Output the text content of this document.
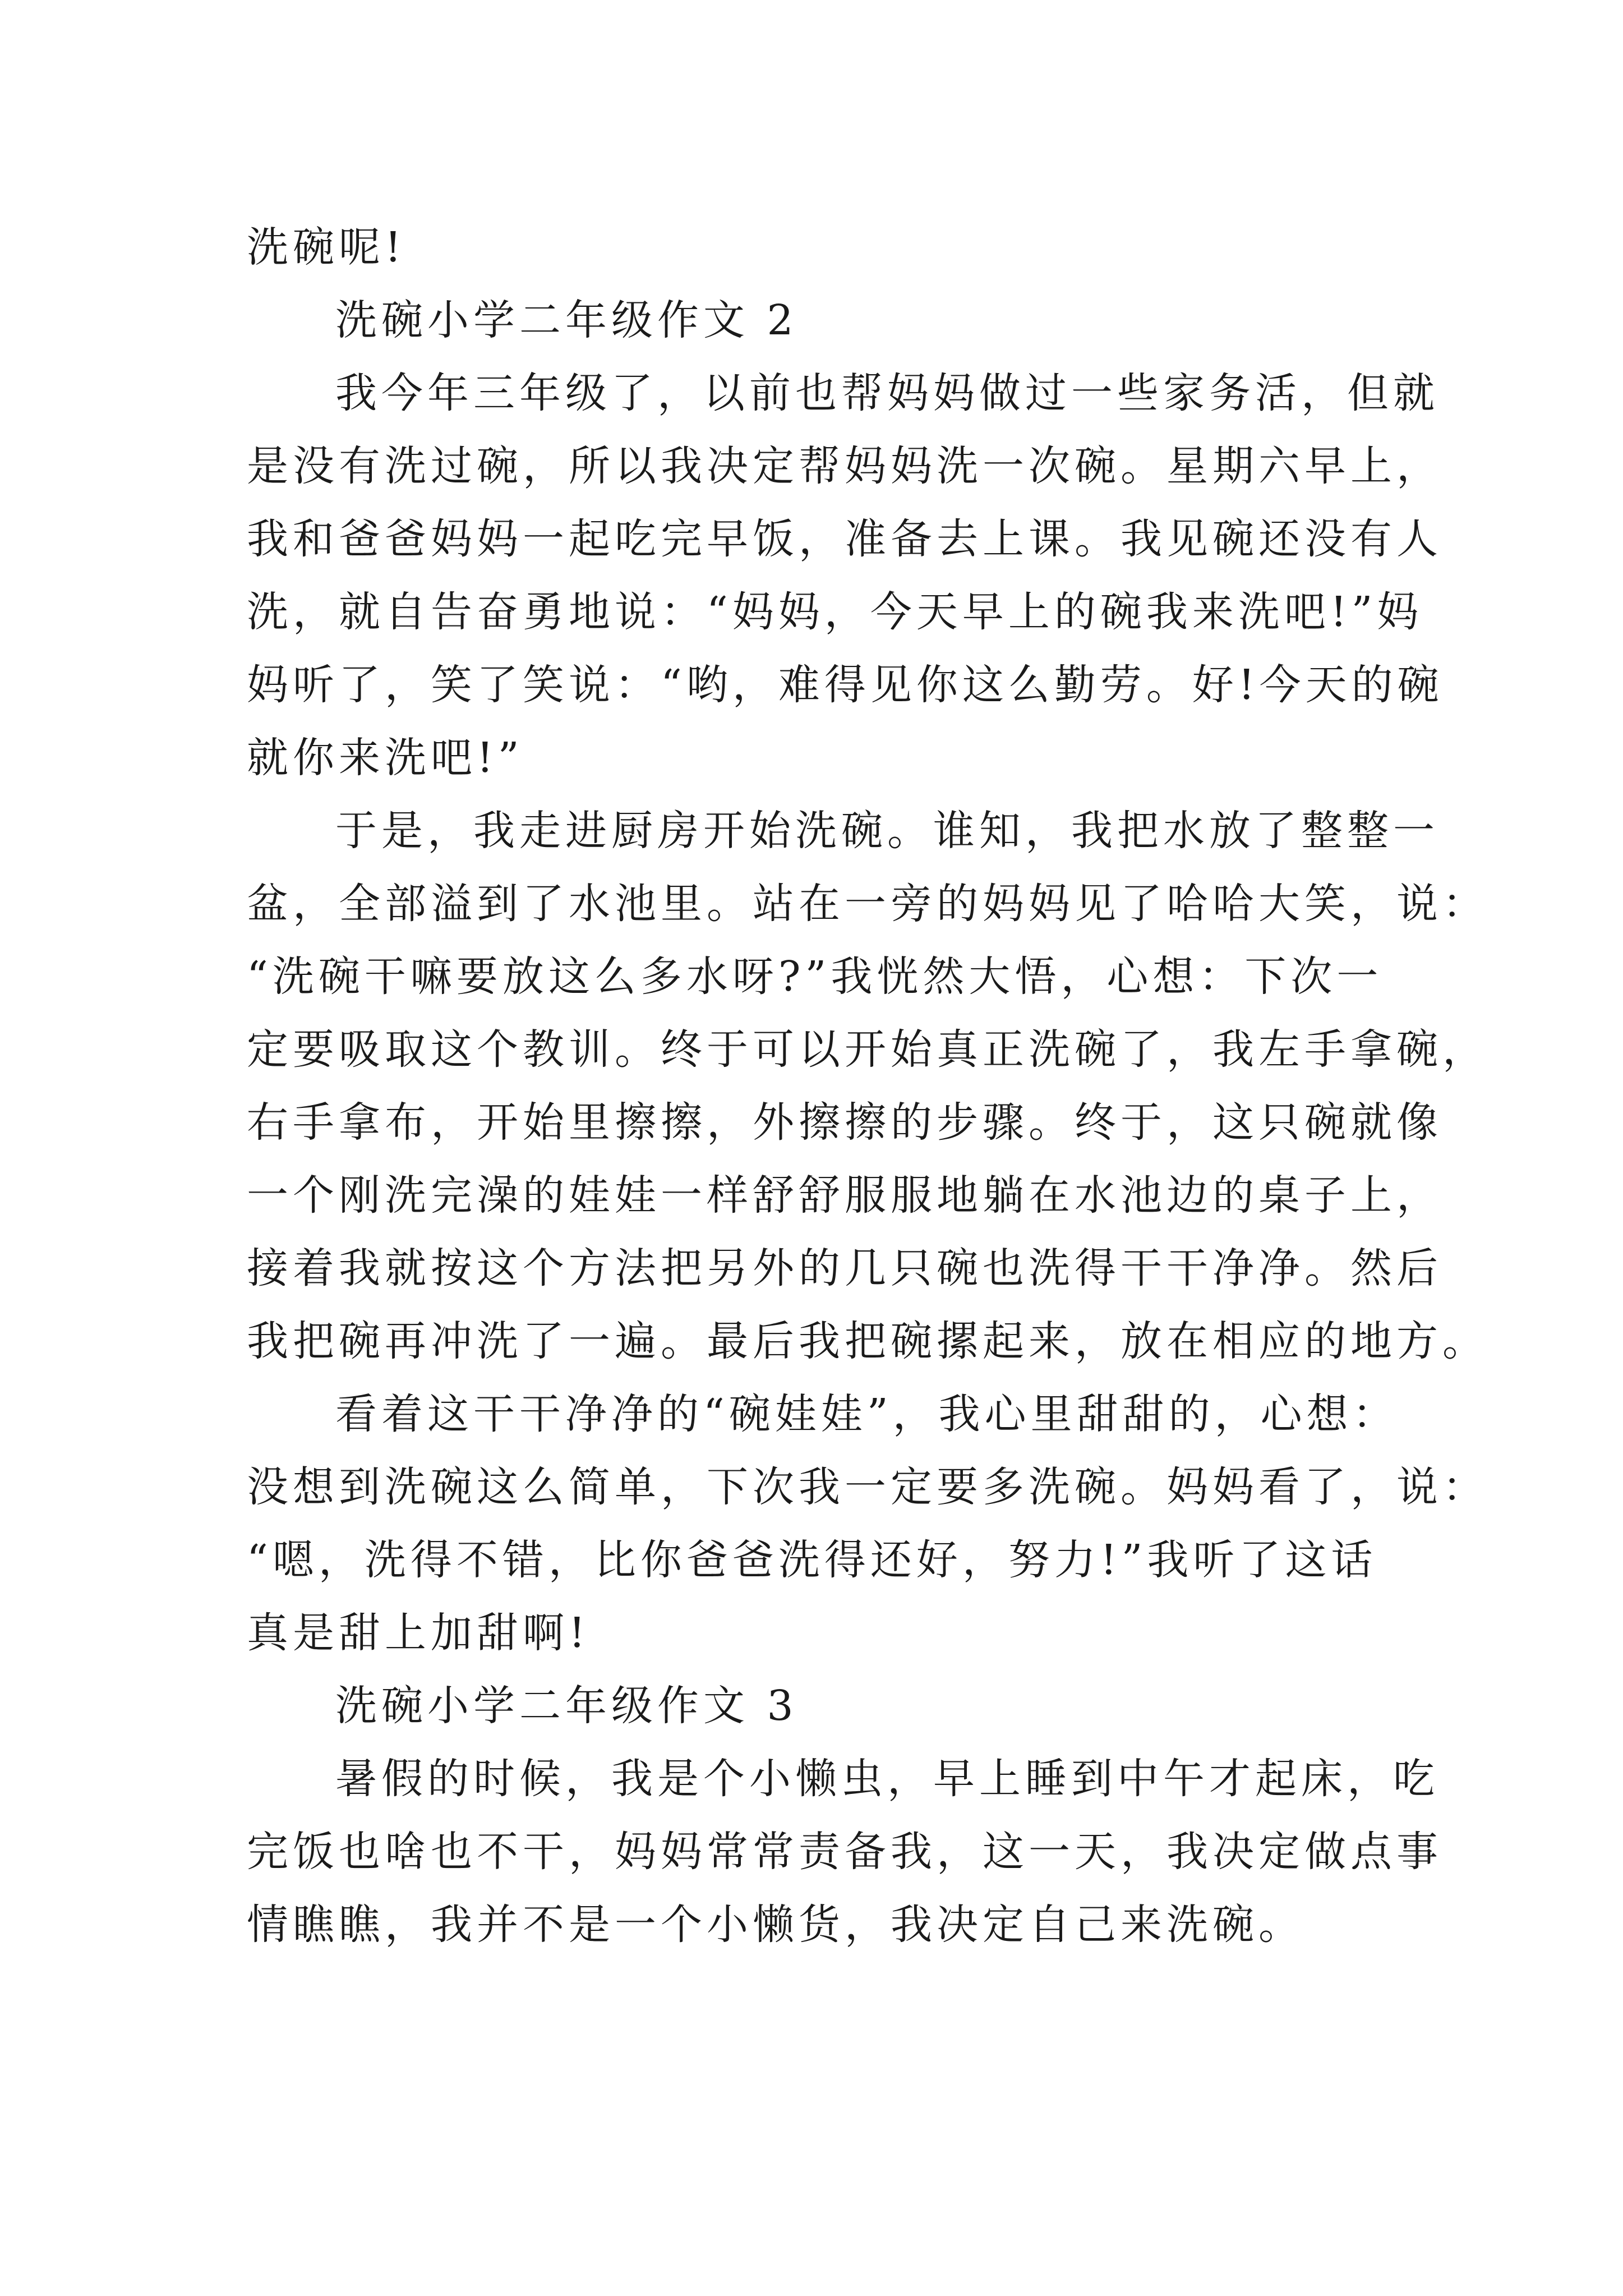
洗碗呢!
洗碗小学二年级作文 2
我今年三年级了，以前也帮妈妈做过一些家务活，但就
是没有洗过碗，所以我决定帮妈妈洗一次碗。星期六早上，
我和爸爸妈妈一起吃完早饭，准备去上课。我见碗还没有人
洗，就自告奋勇地说：“妈妈，今天早上的碗我来洗吧!”妈
妈听了，笑了笑说：“哟，难得见你这么勤劳。好!今天的碗
就你来洗吧!”
于是，我走进厨房开始洗碗。谁知，我把水放了整整一
盆，全部溢到了水池里。站在一旁的妈妈见了哈哈大笑，说：
“洗碗干嘛要放这么多水呀?”我恍然大悟，心想：下次一
定要吸取这个教训。终于可以开始真正洗碗了，我左手拿碗，
右手拿布，开始里擦擦，外擦擦的步骤。终于，这只碗就像
一个刚洗完澡的娃娃一样舒舒服服地躺在水池边的桌子上，
接着我就按这个方法把另外的几只碗也洗得干干净净。然后
我把碗再冲洗了一遍。最后我把碗摞起来，放在相应的地方。
看着这干干净净的“碗娃娃”，我心里甜甜的，心想：
没想到洗碗这么简单，下次我一定要多洗碗。妈妈看了，说：
“嗯，洗得不错，比你爸爸洗得还好，努力!”我听了这话
真是甜上加甜啊!
洗碗小学二年级作文 3
暑假的时候，我是个小懒虫，早上睡到中午才起床，吃
完饭也啥也不干，妈妈常常责备我，这一天，我决定做点事
情瞧瞧，我并不是一个小懒货，我决定自己来洗碗。
